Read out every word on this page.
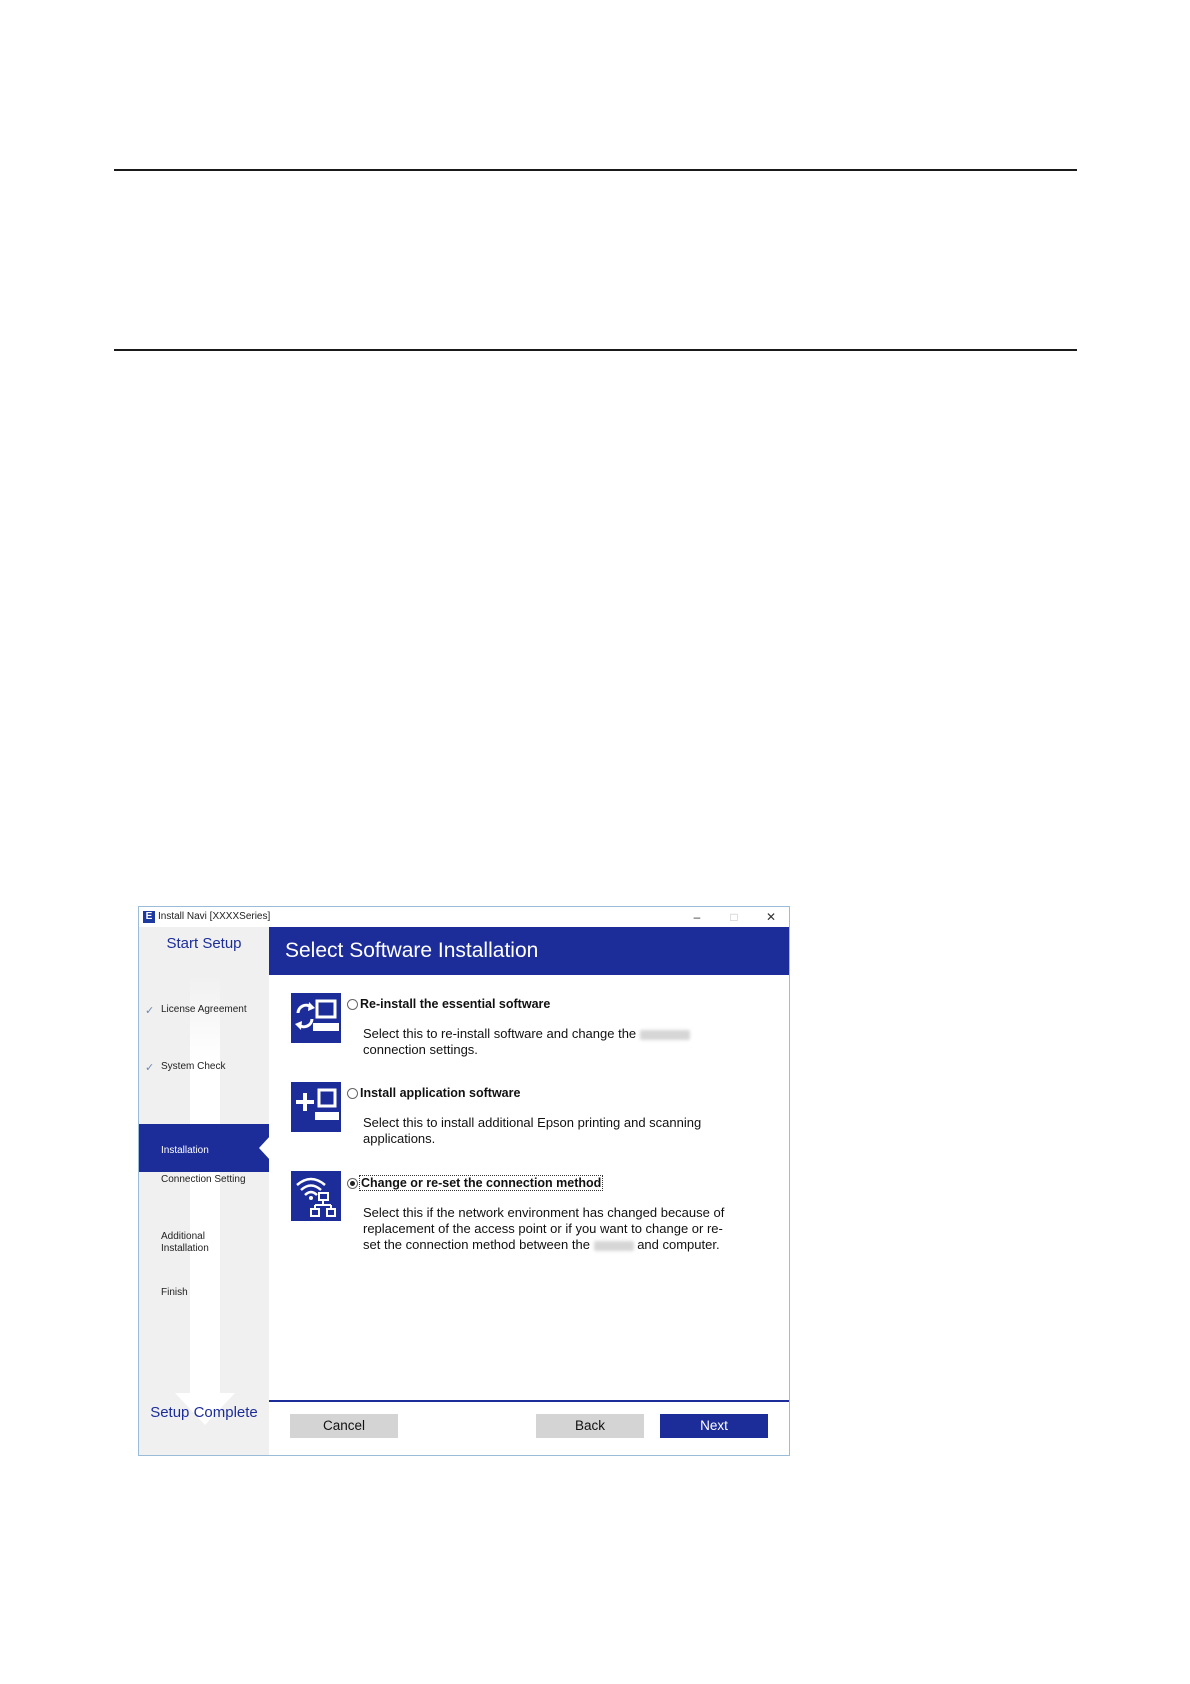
E Install Navi [XXXXSeries]	–	□	✕
Start Setup
✓ License Agreement
✓ System Check
Installation
Connection Setting
Additional Installation
Finish
Setup Complete
Select Software Installation
Re-install the essential software
Select this to re-install software and change the
connection settings.
Install application software
Select this to install additional Epson printing and scanning applications.
Change or re-set the connection method
Select this if the network environment has changed because of replacement of the access point or if you want to change or re-set the connection method between the	and computer.
Cancel	Back	Next
